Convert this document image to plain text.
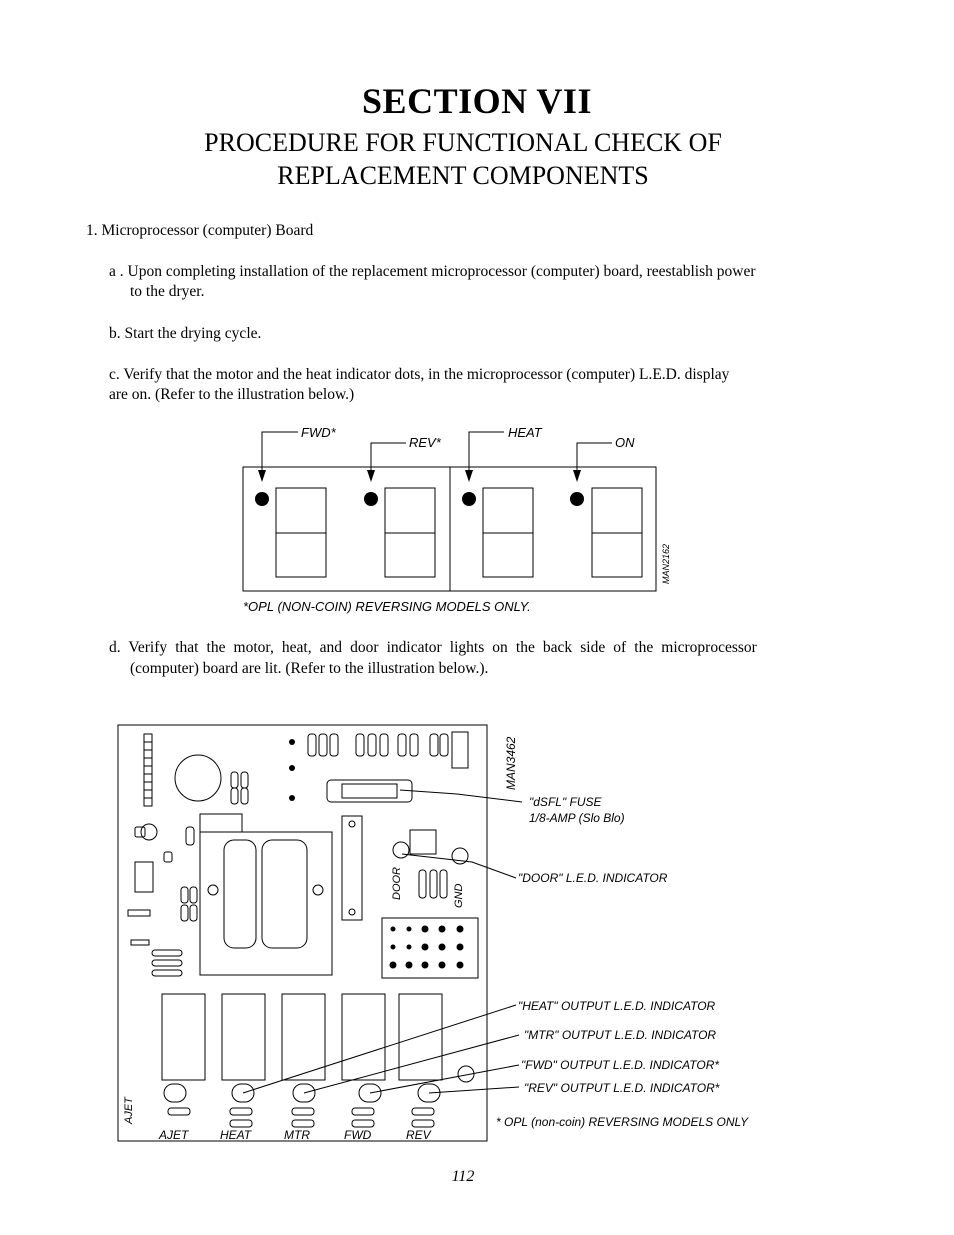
SECTION VII
PROCEDURE FOR FUNCTIONAL CHECK OF
REPLACEMENT COMPONENTS
1. Microprocessor (computer) Board
a . Upon completing installation of the replacement microprocessor (computer) board, reestablish power
to the dryer.
b. Start the drying cycle.
c. Verify that the motor and the heat indicator dots, in the microprocessor (computer) L.E.D. display
are on. (Refer to the illustration below.)
FWD*
REV*
HEAT
ON
MAN2162
*OPL (NON-COIN) REVERSING MODELS ONLY.
d. Verify that the motor, heat, and door indicator lights on the back side of the microprocessor
(computer) board are lit. (Refer to the illustration below.).
MAN3462
"dSFL" FUSE
1/8-AMP (Slo Blo)
"DOOR" L.E.D. INDICATOR
"HEAT" OUTPUT L.E.D. INDICATOR
"MTR" OUTPUT L.E.D. INDICATOR
"FWD" OUTPUT L.E.D. INDICATOR*
"REV" OUTPUT L.E.D. INDICATOR*
* OPL (non-coin) REVERSING MODELS ONLY
DOOR	GND
AJET
AJET	HEAT	MTR	FWD	REV
112
